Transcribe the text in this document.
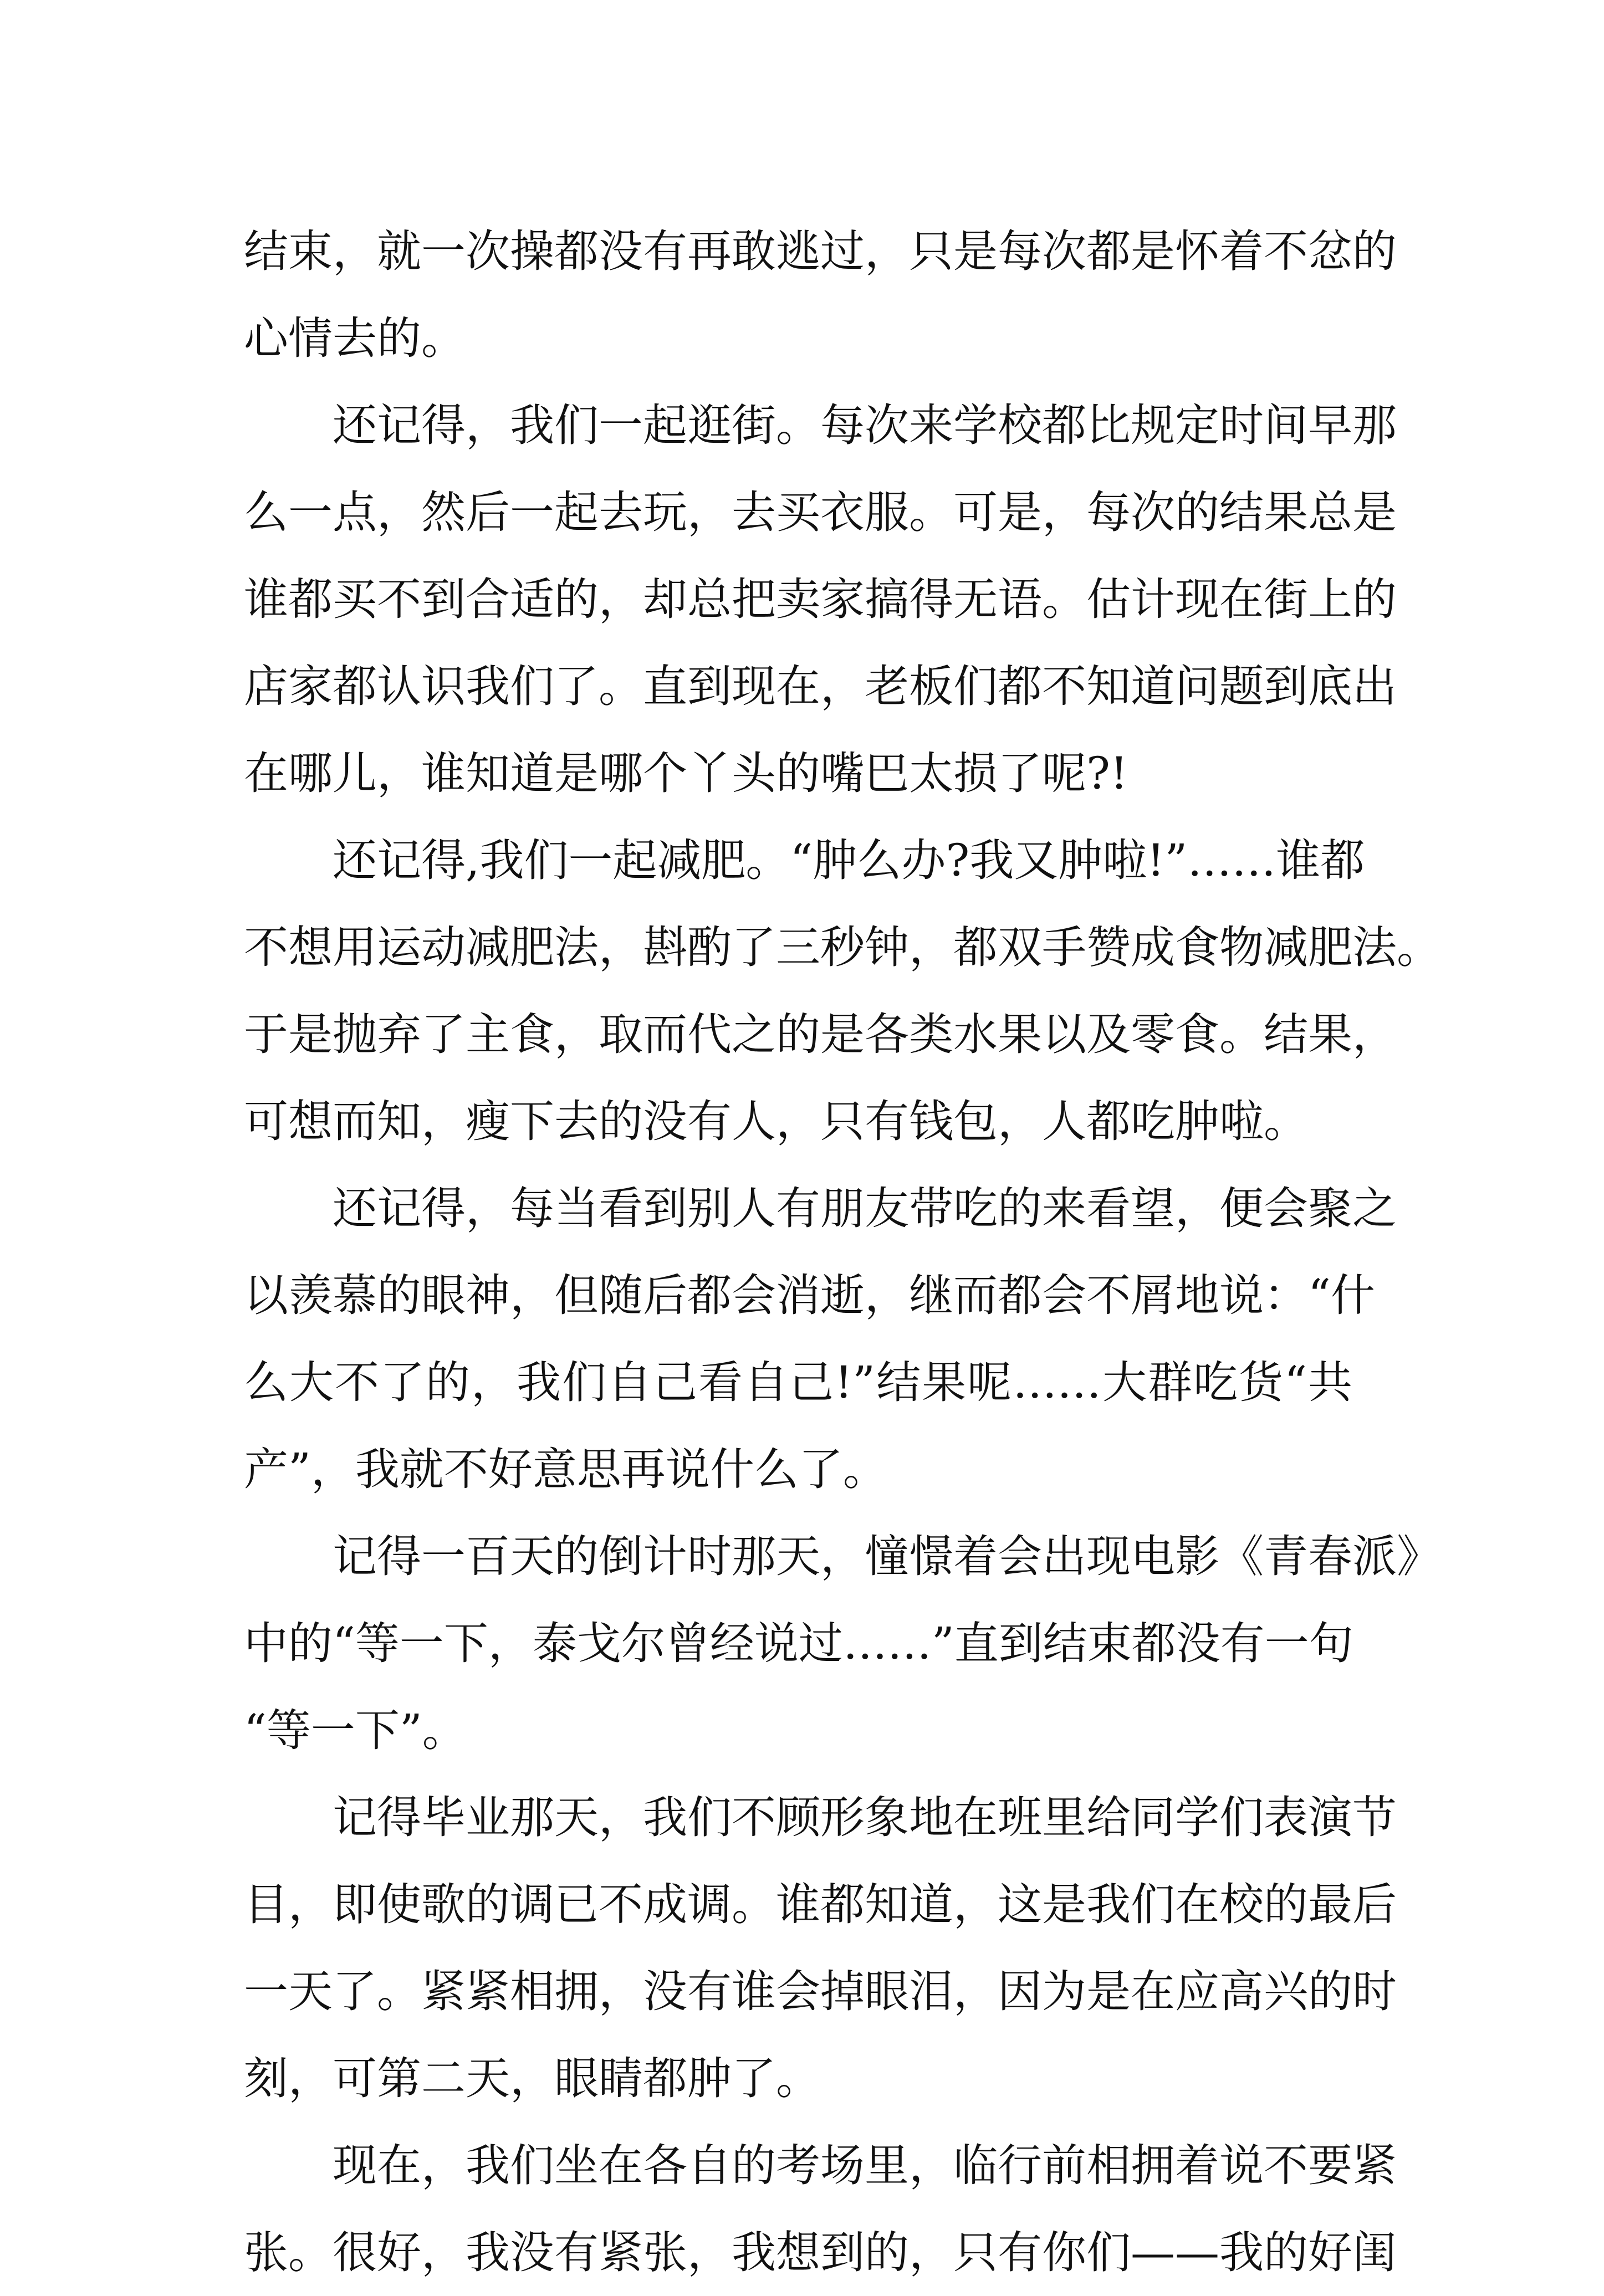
结束，就一次操都没有再敢逃过，只是每次都是怀着不忿的
心情去的。
还记得，我们一起逛街。每次来学校都比规定时间早那
么一点，然后一起去玩，去买衣服。可是，每次的结果总是
谁都买不到合适的，却总把卖家搞得无语。估计现在街上的
店家都认识我们了。直到现在，老板们都不知道问题到底出
在哪儿，谁知道是哪个丫头的嘴巴太损了呢?!
还记得,我们一起减肥。“肿么办?我又肿啦!”……谁都
不想用运动减肥法，斟酌了三秒钟，都双手赞成食物减肥法。
于是抛弃了主食，取而代之的是各类水果以及零食。结果，
可想而知，瘦下去的没有人，只有钱包，人都吃肿啦。
还记得，每当看到别人有朋友带吃的来看望，便会聚之
以羡慕的眼神，但随后都会消逝，继而都会不屑地说：“什
么大不了的，我们自己看自己!”结果呢……大群吃货“共
产”，我就不好意思再说什么了。
记得一百天的倒计时那天，憧憬着会出现电影《青春派》
中的“等一下，泰戈尔曾经说过……”直到结束都没有一句
“等一下”。
记得毕业那天，我们不顾形象地在班里给同学们表演节
目，即使歌的调已不成调。谁都知道，这是我们在校的最后
一天了。紧紧相拥，没有谁会掉眼泪，因为是在应高兴的时
刻，可第二天，眼睛都肿了。
现在，我们坐在各自的考场里，临行前相拥着说不要紧
张。很好，我没有紧张，我想到的，只有你们——我的好闺
